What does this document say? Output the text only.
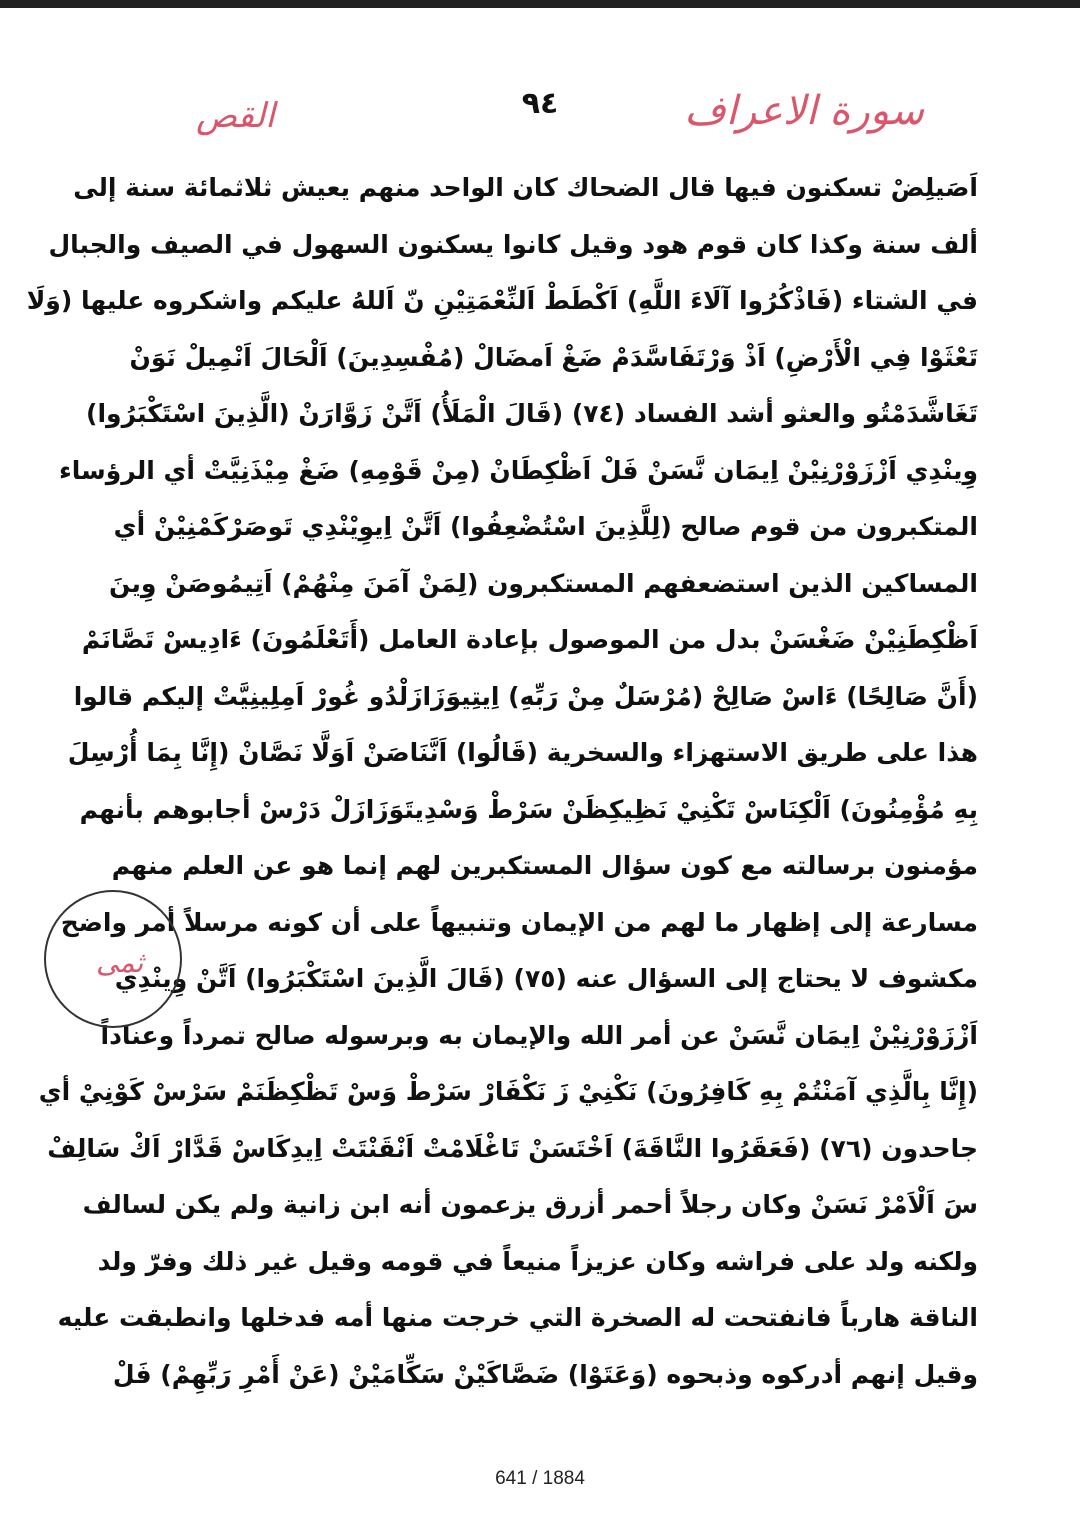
القص	٩٤	سورة الاعراف
اَصَيلِضْ تسكنون فيها قال الضحاك كان الواحد منهم يعيش ثلاثمائة سنة إلى
ألف سنة وكذا كان قوم هود وقيل كانوا يسكنون السهول في الصيف والجبال
في الشتاء (فَاذْكُرُوا آلَاءَ اللَّهِ) اَكْطَطْ اَلنِّعْمَتِيْنِ نّ اَللهُ عليكم واشكروه عليها (وَلَا
تَعْثَوْا فِي الْأَرْضِ) اَذْ وَرْتَفَاسَّدَمْ ضَغْ اَمضَالْ (مُفْسِدِينَ) اَلْحَالَ اَنْمِيلْ نَوَنْ
تَغَاشَّدَمْتُو والعثو أشد الفساد (٧٤) (قَالَ الْمَلَأُ) اَتَّنْ زَوَّارَنْ (الَّذِينَ اسْتَكْبَرُوا)
وِينْدِي اَزْزَوْرْنِيْنْ اِيمَان نَّسَنْ فَلْ اَظْكِطَانْ (مِنْ قَوْمِهِ) ضَغْ مِيْذَنِيَّتْ أي الرؤساء
المتكبرون من قوم صالح (لِلَّذِينَ اسْتُضْعِفُوا) اَتَّنْ اِيوِيْنْدِي تَوصَرْكَمْنِيْنْ أي
المساكين الذين استضعفهم المستكبرون (لِمَنْ آمَنَ مِنْهُمْ) اَتِيمُوصَنْ وِينَ
اَظْكِطَنِيْنْ ضَغْسَنْ بدل من الموصول بإعادة العامل (أَتَعْلَمُونَ) ءَادِيسْ تَصَّانَمْ
(أَنَّ صَالِحًا) ءَاسْ صَالِحْ (مُرْسَلٌ مِنْ رَبِّهِ) اِيتِيوَزَازَلْدُو غُورْ اَمِلِينِيَّتْ إليكم قالوا
هذا على طريق الاستهزاء والسخرية (قَالُوا) اَنَّنَاصَنْ اَوَلَّا نَصَّانْ (إِنَّا بِمَا أُرْسِلَ
بِهِ مُؤْمِنُونَ) اَلْكِنَاسْ تَكْنِيْ نَظِيكِظَنْ سَرْطْ وَسْدِيتَوَزَازَلْ دَرْسْ أجابوهم بأنهم
مؤمنون برسالته مع كون سؤال المستكبرين لهم إنما هو عن العلم منهم
مسارعة إلى إظهار ما لهم من الإيمان وتنبيهاً على أن كونه مرسلاً أمر واضح
مكشوف لا يحتاج إلى السؤال عنه (٧٥) (قَالَ الَّذِينَ اسْتَكْبَرُوا) اَتَّنْ وِينْدِي
اَزْزَوْرْنِيْنْ اِيمَان نَّسَنْ عن أمر الله والإيمان به وبرسوله صالح تمرداً وعناداً
(إِنَّا بِالَّذِي آمَنْتُمْ بِهِ كَافِرُونَ) نَكْنِيْ زَ نَكْفَارْ سَرْطْ وَسْ تَظْكِظَنَمْ سَرْسْ كَوْنِيْ أي
جاحدون (٧٦) (فَعَقَرُوا النَّاقَةَ) اَخْتَسَنْ تَاغْلَامْتْ اَنْقَنْتَتْ اِيدِكَاسْ قَدَّارْ اَكْ سَالِفْ
سَ اَلْاَمْرْ نَسَنْ وكان رجلاً أحمر أزرق يزعمون أنه ابن زانية ولم يكن لسالف
ولكنه ولد على فراشه وكان عزيزاً منيعاً في قومه وقيل غير ذلك وفرّ ولد
الناقة هارباً فانفتحت له الصخرة التي خرجت منها أمه فدخلها وانطبقت عليه
وقيل إنهم أدركوه وذبحوه (وَعَتَوْا) ضَصَّاكَيْنْ سَكِّامَيْنْ (عَنْ أَمْرِ رَبِّهِمْ) فَلْ
ثمى
641 / 1884
